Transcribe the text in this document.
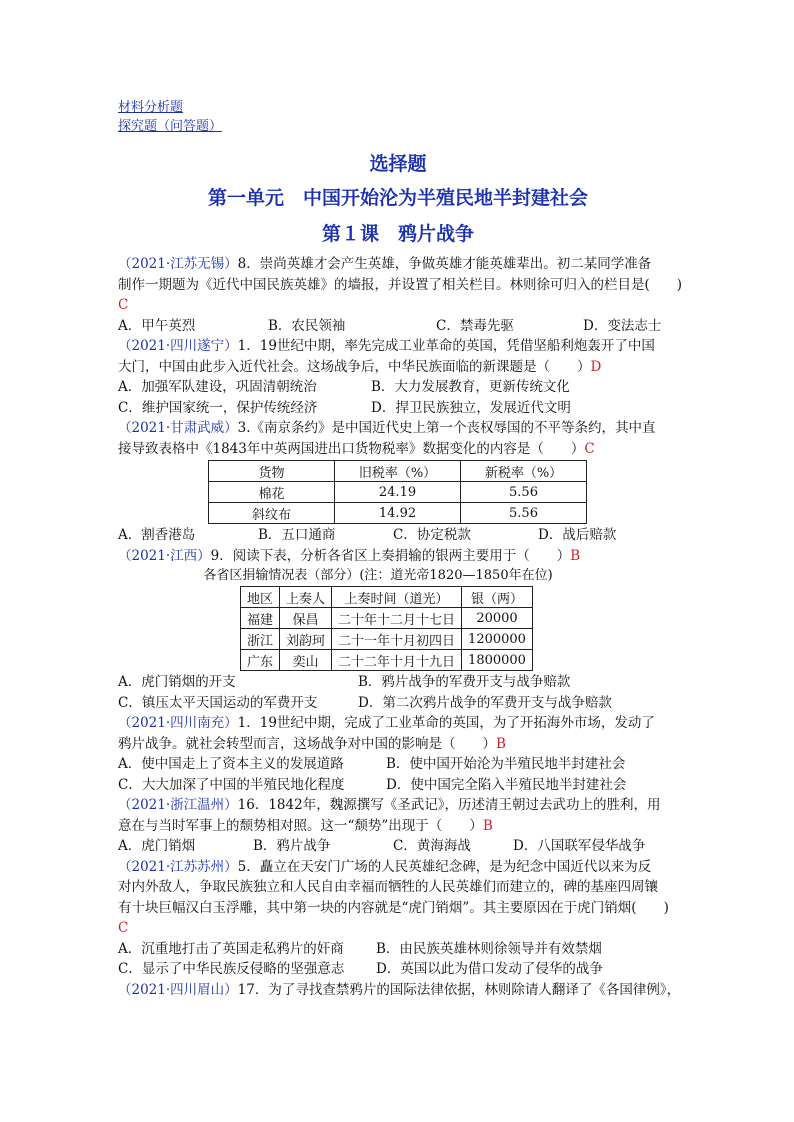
材料分析题
探究题（问答题）
选择题
第一单元　中国开始沦为半殖民地半封建社会
第１课　鸦片战争
（2021·江苏无锡）8．崇尚英雄才会产生英雄，争做英雄才能英雄辈出。初二某同学准备
制作一期题为《近代中国民族英雄》的墙报，并设置了相关栏目。林则徐可归入的栏目是(　　)
C
A．甲午英烈	B．农民领袖	C．禁毒先驱	D．变法志士
（2021·四川遂宁）1．19世纪中期，率先完成工业革命的英国，凭借坚船利炮轰开了中国
大门，中国由此步入近代社会。这场战争后，中华民族面临的新课题是（　　）D
A．加强军队建设，巩固清朝统治	B．大力发展教育，更新传统文化
C．维护国家统一，保护传统经济	D．捍卫民族独立，发展近代文明
（2021·甘肃武威）3.《南京条约》是中国近代史上第一个丧权辱国的不平等条约，其中直
接导致表格中《1843年中英两国进出口货物税率》数据变化的内容是（　　）C
货物	旧税率（%）	新税率（%）
棉花	24.19	5.56
斜纹布	14.92	5.56
A．割香港岛	B．五口通商	C．协定税款	D．战后赔款
（2021·江西）9．阅读下表，分析各省区上奏捐输的银两主要用于（　　）B
各省区捐输情况表（部分）(注：道光帝1820—1850年在位)
地区	上奏人	上奏时间（道光）	银（两）
福建	保昌	二十年十二月十七日	20000
浙江	刘韵珂	二十一年十月初四日	1200000
广东	奕山	二十二年十月十九日	1800000
A．虎门销烟的开支	B．鸦片战争的军费开支与战争赔款
C．镇压太平天国运动的军费开支	D．第二次鸦片战争的军费开支与战争赔款
（2021·四川南充）1．19世纪中期，完成了工业革命的英国，为了开拓海外市场，发动了
鸦片战争。就社会转型而言，这场战争对中国的影响是（　　）B
A．使中国走上了资本主义的发展道路	B．使中国开始沦为半殖民地半封建社会
C．大大加深了中国的半殖民地化程度	D．使中国完全陷入半殖民地半封建社会
（2021·浙江温州）16．1842年，魏源撰写《圣武记》，历述清王朝过去武功上的胜利，用
意在与当时军事上的颓势相对照。这一“颓势”出现于（　　）B
A．虎门销烟	B．鸦片战争	C．黄海海战	D．八国联军侵华战争
（2021·江苏苏州）5．矗立在天安门广场的人民英雄纪念碑，是为纪念中国近代以来为反
对内外敌人，争取民族独立和人民自由幸福而牺牲的人民英雄们而建立的，碑的基座四周镶
有十块巨幅汉白玉浮雕，其中第一块的内容就是“虎门销烟”。其主要原因在于虎门销烟(　　)
C
A．沉重地打击了英国走私鸦片的奸商	B．由民族英雄林则徐领导并有效禁烟
C．显示了中华民族反侵略的坚强意志	D．英国以此为借口发动了侵华的战争
（2021·四川眉山）17．为了寻找查禁鸦片的国际法律依据，林则除请人翻译了《各国律例》，
